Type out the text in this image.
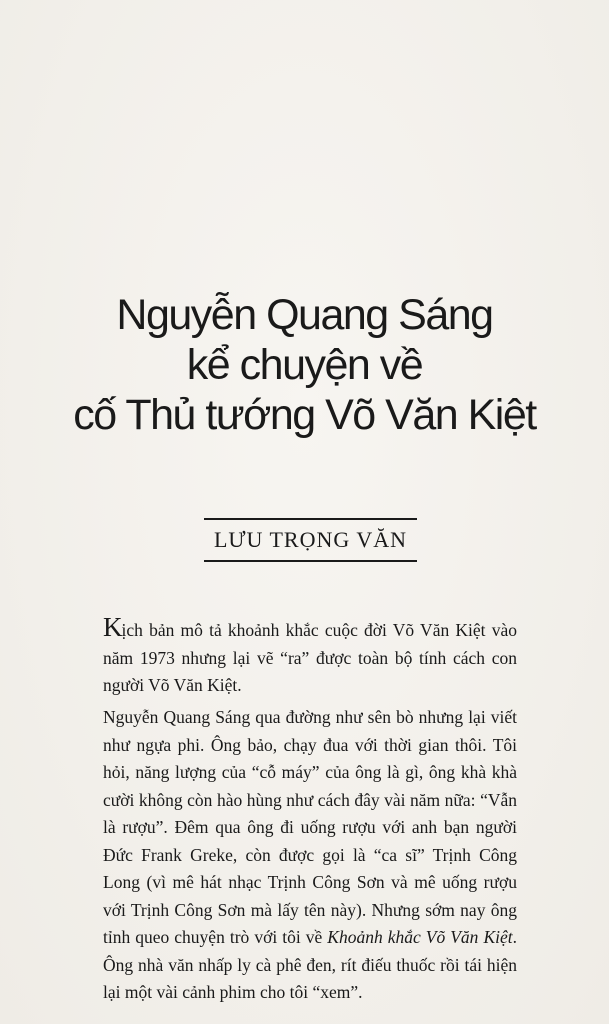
Nguyễn Quang Sáng
kể chuyện về
cố Thủ tướng Võ Văn Kiệt
LƯU TRỌNG VĂN
Kịch bản mô tả khoảnh khắc cuộc đời Võ Văn Kiệt vào năm 1973 nhưng lại vẽ “ra” được toàn bộ tính cách con người Võ Văn Kiệt.
Nguyễn Quang Sáng qua đường như sên bò nhưng lại viết như ngựa phi. Ông bảo, chạy đua với thời gian thôi. Tôi hỏi, năng lượng của “cỗ máy” của ông là gì, ông khà khà cười không còn hào hùng như cách đây vài năm nữa: “Vẫn là rượu”. Đêm qua ông đi uống rượu với anh bạn người Đức Frank Greke, còn được gọi là “ca sĩ” Trịnh Công Long (vì mê hát nhạc Trịnh Công Sơn và mê uống rượu với Trịnh Công Sơn mà lấy tên này). Nhưng sớm nay ông tỉnh queo chuyện trò với tôi về Khoảnh khắc Võ Văn Kiệt. Ông nhà văn nhấp ly cà phê đen, rít điếu thuốc rồi tái hiện lại một vài cảnh phim cho tôi “xem”.
